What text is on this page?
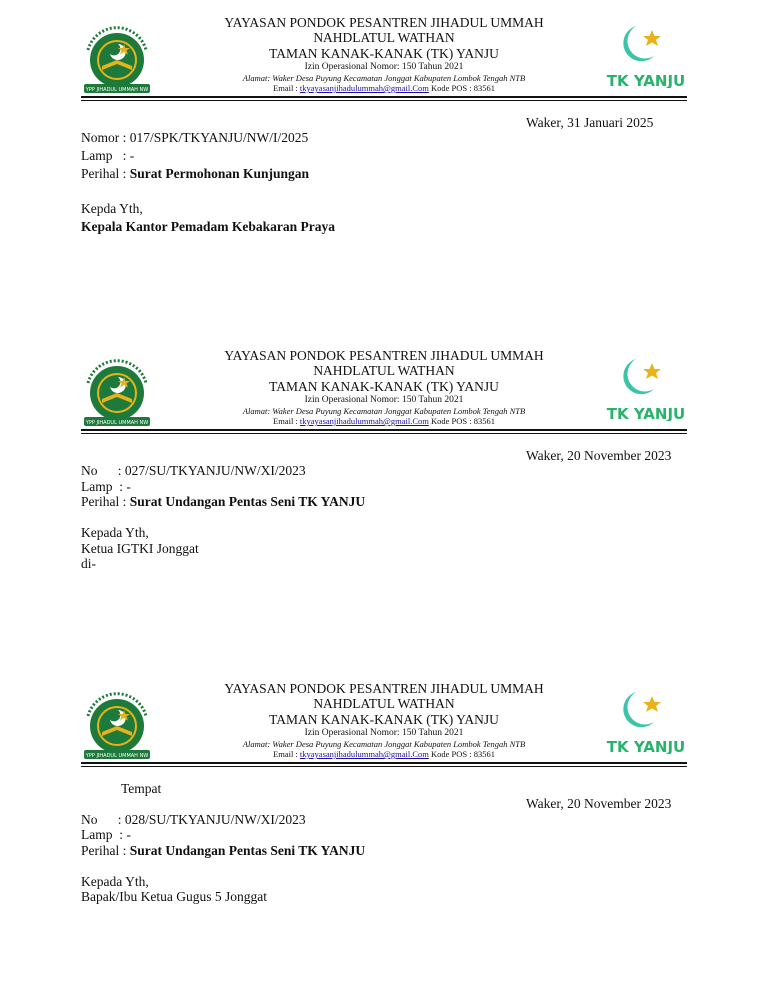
YPP JIHADUL UMMAH NW
YAYASAN PONDOK PESANTREN JIHADUL UMMAH
NAHDLATUL WATHAN
TAMAN KANAK-KANAK (TK) YANJU
Izin Operasional Nomor: 150 Tahun 2021
Alamat: Waker Desa Puyung Kecamatan Jonggat Kabupaten Lombok Tengah NTB
Email : tkyayasanjihadulummah@gmail.Com Kode POS : 83561	TK YANJU
Waker, 31 Januari 2025
Nomor : 017/SPK/TKYANJU/NW/I/2025
Lamp   : -
Perihal : Surat Permohonan Kunjungan
Kepda Yth,
Kepala Kantor Pemadam Kebakaran Praya
YPP JIHADUL UMMAH NW
YAYASAN PONDOK PESANTREN JIHADUL UMMAH
NAHDLATUL WATHAN
TAMAN KANAK-KANAK (TK) YANJU
Izin Operasional Nomor: 150 Tahun 2021
Alamat: Waker Desa Puyung Kecamatan Jonggat Kabupaten Lombok Tengah NTB
Email : tkyayasanjihadulummah@gmail.Com Kode POS : 83561	TK YANJU
Waker, 20 November 2023
No      : 027/SU/TKYANJU/NW/XI/2023
Lamp  : -
Perihal : Surat Undangan Pentas Seni TK YANJU
Kepada Yth,
Ketua IGTKI Jonggat
di-
YPP JIHADUL UMMAH NW
YAYASAN PONDOK PESANTREN JIHADUL UMMAH
NAHDLATUL WATHAN
TAMAN KANAK-KANAK (TK) YANJU
Izin Operasional Nomor: 150 Tahun 2021
Alamat: Waker Desa Puyung Kecamatan Jonggat Kabupaten Lombok Tengah NTB
Email : tkyayasanjihadulummah@gmail.Com Kode POS : 83561	TK YANJU
Tempat
Waker, 20 November 2023
No      : 028/SU/TKYANJU/NW/XI/2023
Lamp  : -
Perihal : Surat Undangan Pentas Seni TK YANJU
Kepada Yth,
Bapak/Ibu Ketua Gugus 5 Jonggat
